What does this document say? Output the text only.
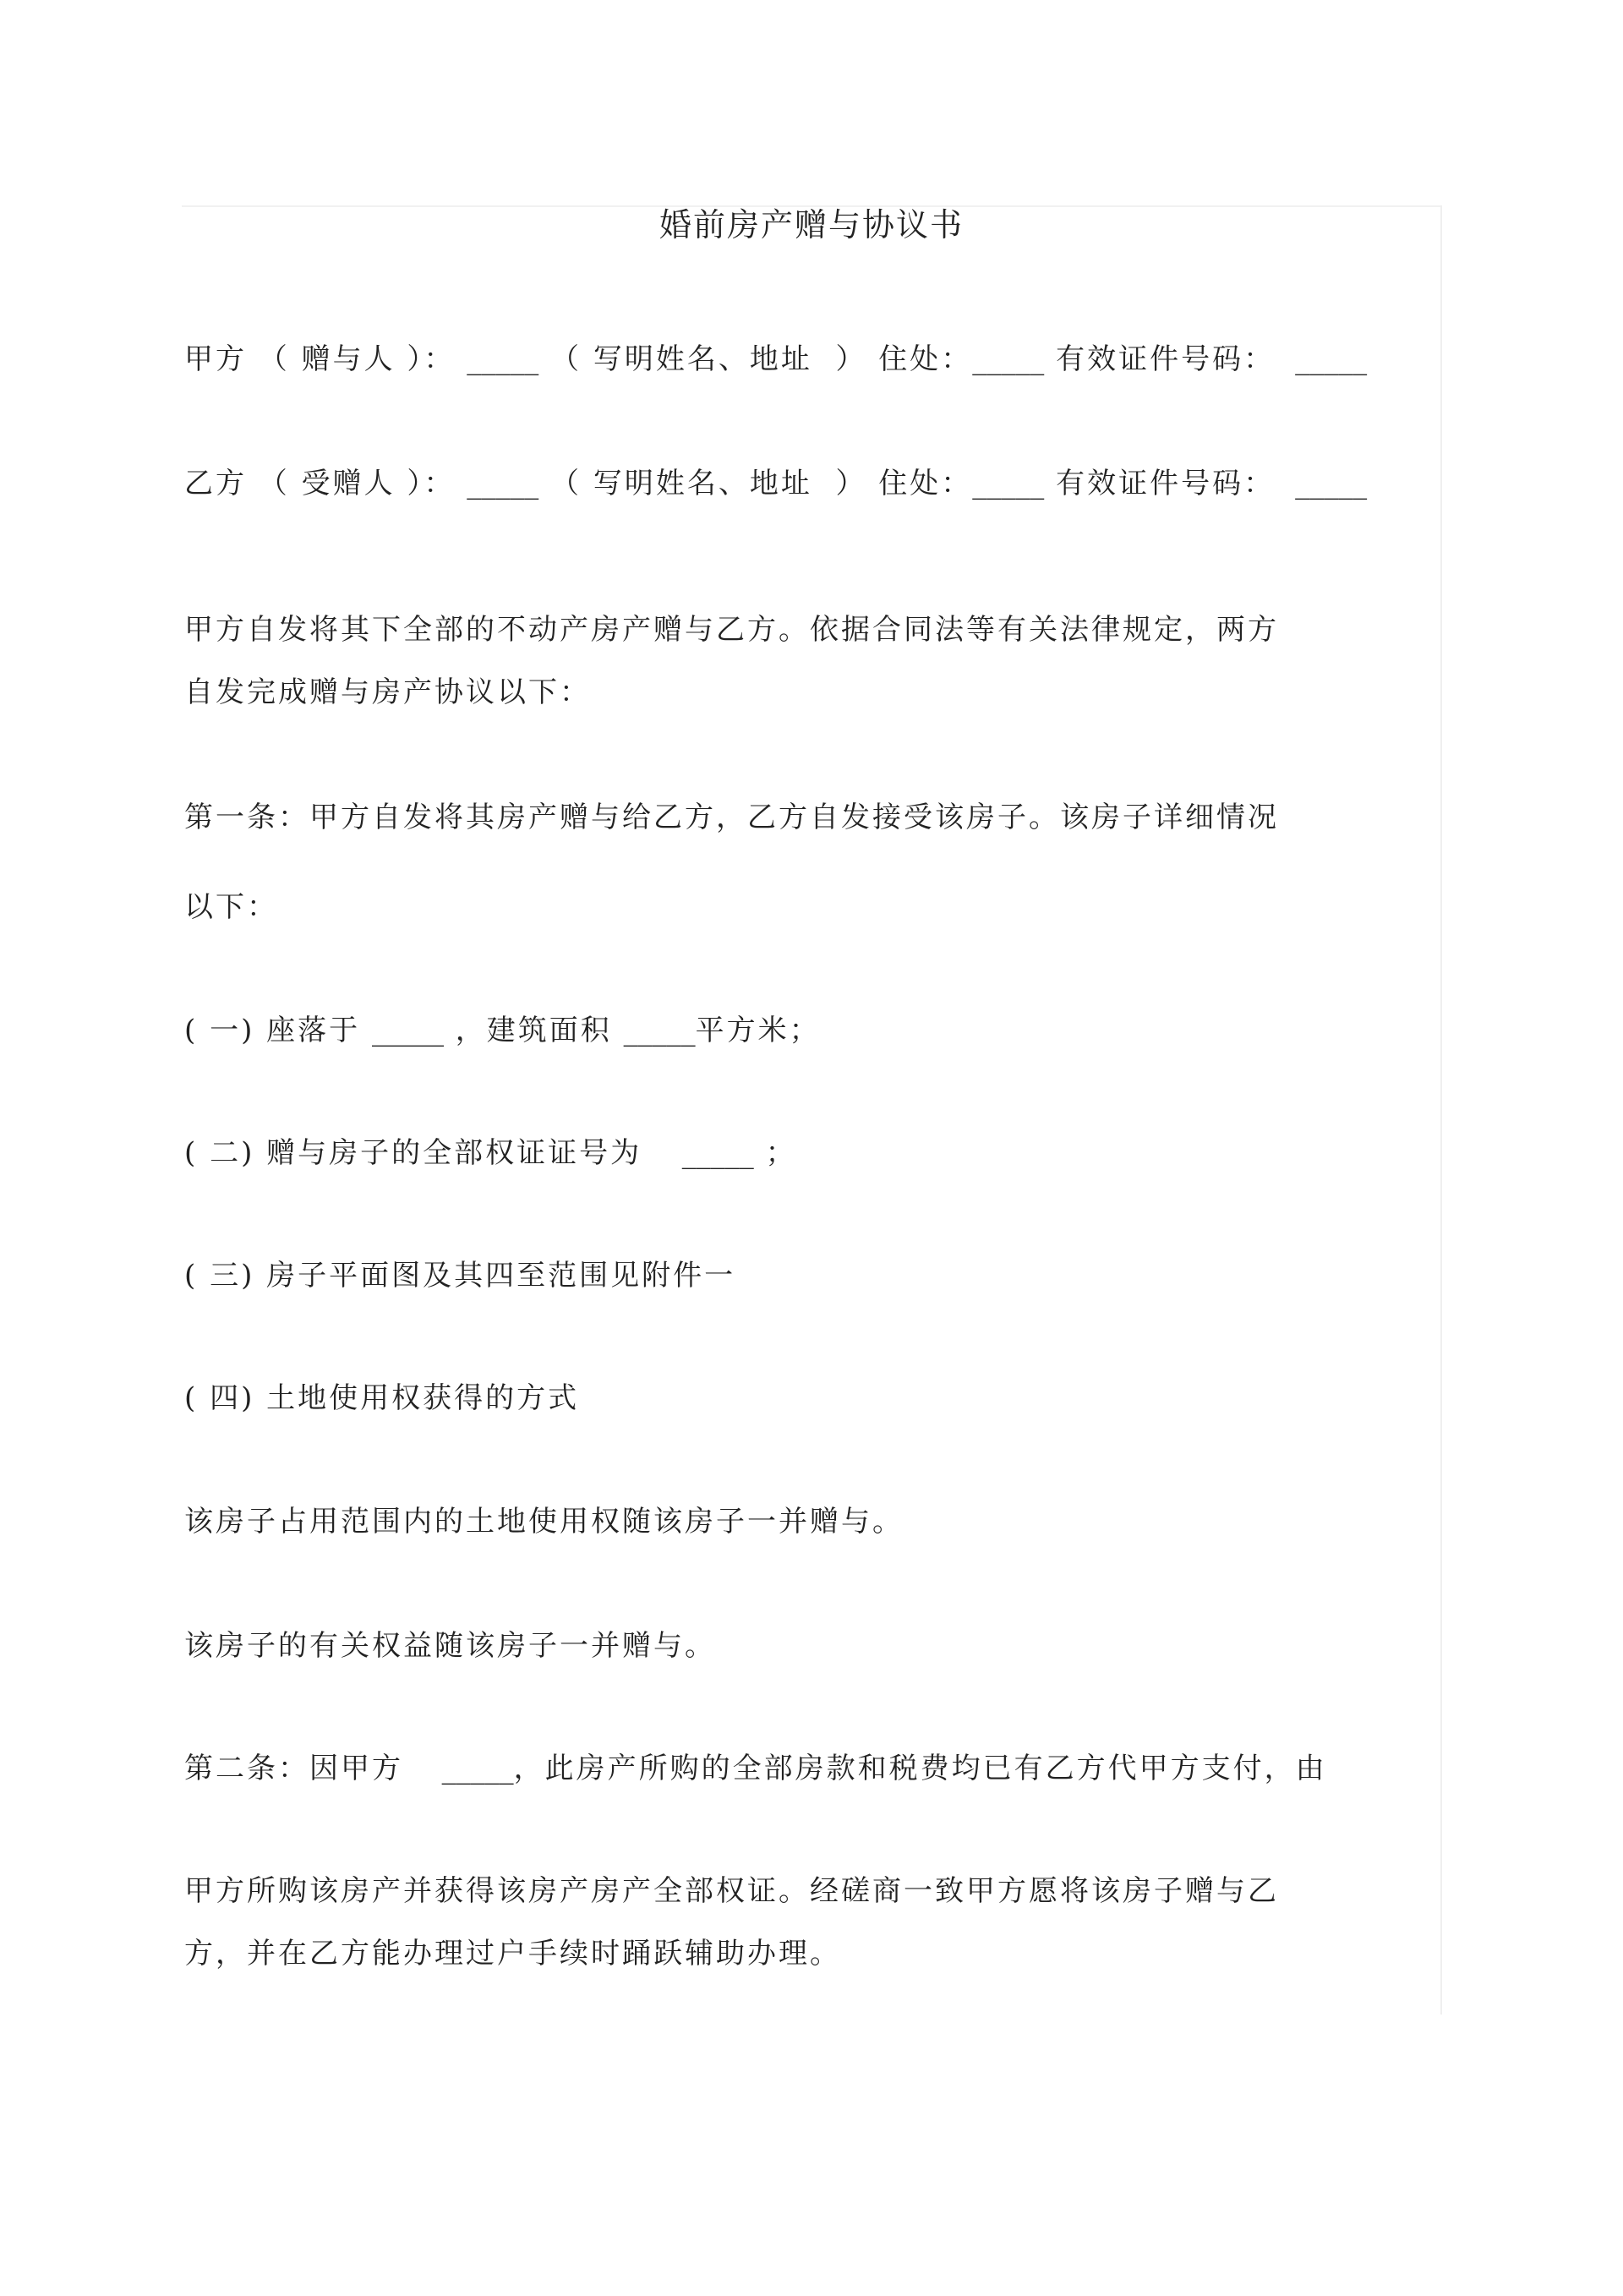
婚前房产赠与协议书
甲方 （ 赠与人 ）： _____ （ 写明姓名、地址  ） 住处：_____ 有效证件号码： _____
乙方 （ 受赠人 ）： _____ （ 写明姓名、地址  ） 住处：_____ 有效证件号码： _____
甲方自发将其下全部的不动产房产赠与乙方。依据合同法等有关法律规定，两方
自发完成赠与房产协议以下：
第一条：甲方自发将其房产赠与给乙方，乙方自发接受该房子。该房子详细情况
以下：
( 一) 座落于 _____ ，建筑面积 _____平方米；
( 二) 赠与房子的全部权证证号为  _____ ；
( 三) 房子平面图及其四至范围见附件一
( 四) 土地使用权获得的方式
该房子占用范围内的土地使用权随该房子一并赠与。
该房子的有关权益随该房子一并赠与。
第二条：因甲方  _____，此房产所购的全部房款和税费均已有乙方代甲方支付，由
甲方所购该房产并获得该房产房产全部权证。经磋商一致甲方愿将该房子赠与乙
方，并在乙方能办理过户手续时踊跃辅助办理。
